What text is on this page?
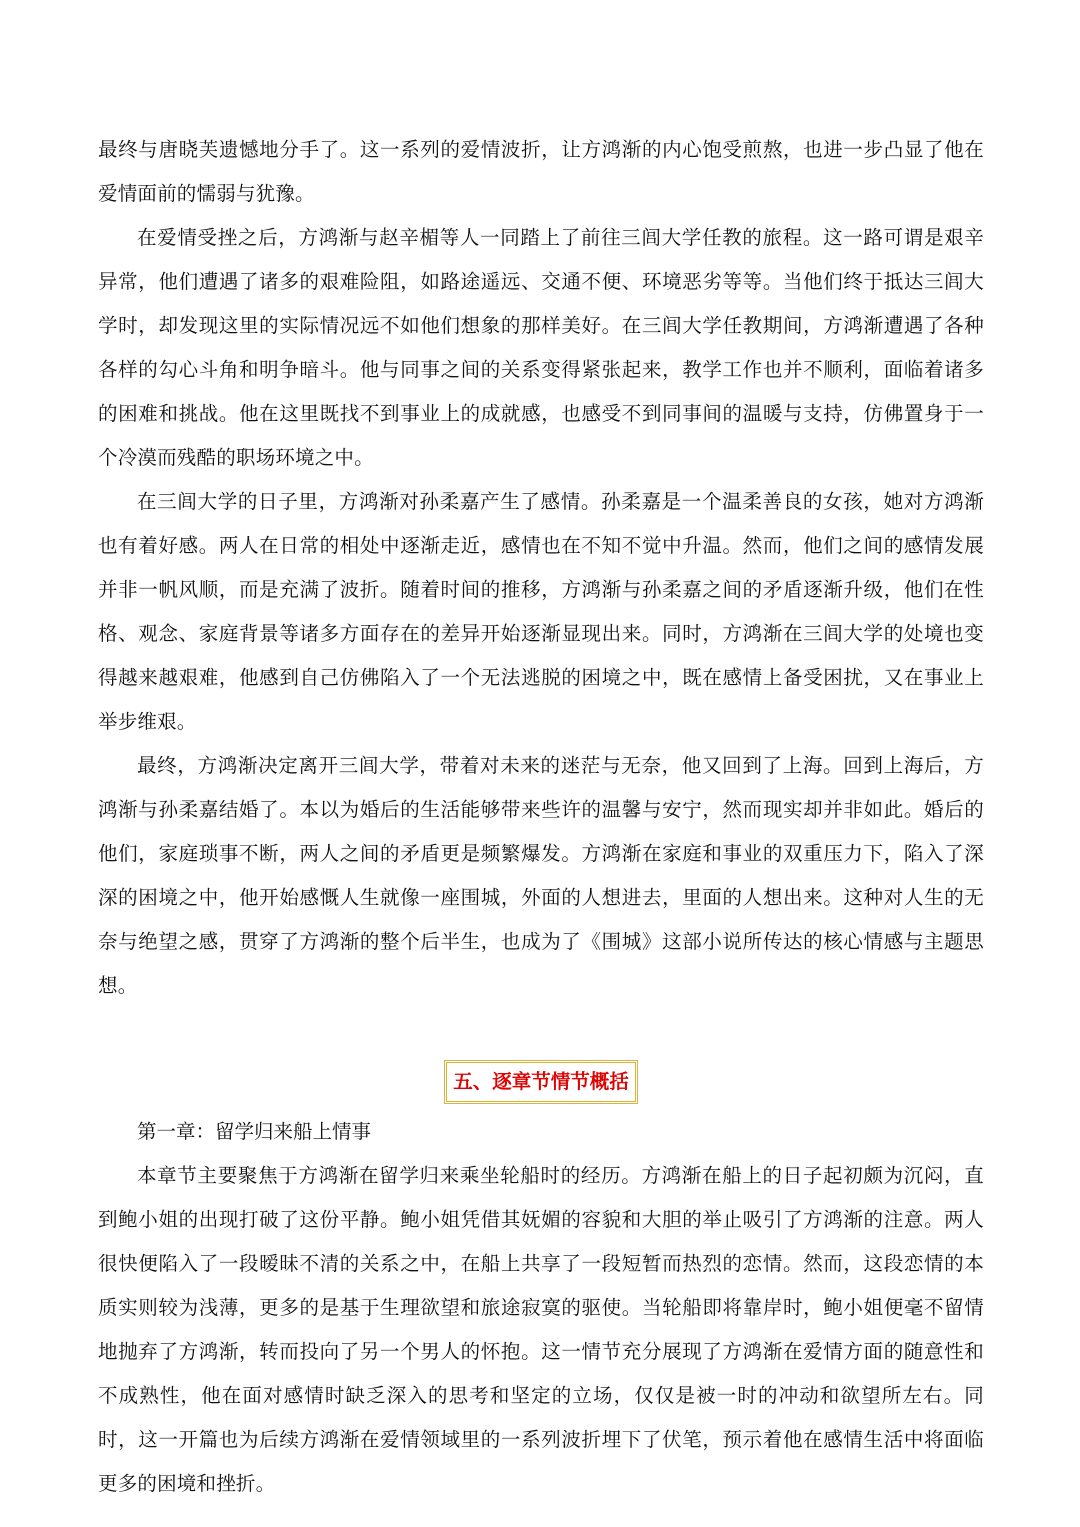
最终与唐晓芙遗憾地分手了。这一系列的爱情波折，让方鸿渐的内心饱受煎熬，也进一步凸显了他在爱情面前的懦弱与犹豫。

在爱情受挫之后，方鸿渐与赵辛楣等人一同踏上了前往三闾大学任教的旅程。这一路可谓是艰辛异常，他们遭遇了诸多的艰难险阻，如路途遥远、交通不便、环境恶劣等等。当他们终于抵达三闾大学时，却发现这里的实际情况远不如他们想象的那样美好。在三闾大学任教期间，方鸿渐遭遇了各种各样的勾心斗角和明争暗斗。他与同事之间的关系变得紧张起来，教学工作也并不顺利，面临着诸多的困难和挑战。他在这里既找不到事业上的成就感，也感受不到同事间的温暖与支持，仿佛置身于一个冷漠而残酷的职场环境之中。

在三闾大学的日子里，方鸿渐对孙柔嘉产生了感情。孙柔嘉是一个温柔善良的女孩，她对方鸿渐也有着好感。两人在日常的相处中逐渐走近，感情也在不知不觉中升温。然而，他们之间的感情发展并非一帆风顺，而是充满了波折。随着时间的推移，方鸿渐与孙柔嘉之间的矛盾逐渐升级，他们在性格、观念、家庭背景等诸多方面存在的差异开始逐渐显现出来。同时，方鸿渐在三闾大学的处境也变得越来越艰难，他感到自己仿佛陷入了一个无法逃脱的困境之中，既在感情上备受困扰，又在事业上举步维艰。

最终，方鸿渐决定离开三闾大学，带着对未来的迷茫与无奈，他又回到了上海。回到上海后，方鸿渐与孙柔嘉结婚了。本以为婚后的生活能够带来些许的温馨与安宁，然而现实却并非如此。婚后的他们，家庭琐事不断，两人之间的矛盾更是频繁爆发。方鸿渐在家庭和事业的双重压力下，陷入了深深的困境之中，他开始感慨人生就像一座围城，外面的人想进去，里面的人想出来。这种对人生的无奈与绝望之感，贯穿了方鸿渐的整个后半生，也成为了《围城》这部小说所传达的核心情感与主题思想。

五、逐章节情节概括

第一章：留学归来船上情事

本章节主要聚焦于方鸿渐在留学归来乘坐轮船时的经历。方鸿渐在船上的日子起初颇为沉闷，直到鲍小姐的出现打破了这份平静。鲍小姐凭借其妩媚的容貌和大胆的举止吸引了方鸿渐的注意。两人很快便陷入了一段暧昧不清的关系之中，在船上共享了一段短暂而热烈的恋情。然而，这段恋情的本质实则较为浅薄，更多的是基于生理欲望和旅途寂寞的驱使。当轮船即将靠岸时，鲍小姐便毫不留情地抛弃了方鸿渐，转而投向了另一个男人的怀抱。这一情节充分展现了方鸿渐在爱情方面的随意性和不成熟性，他在面对感情时缺乏深入的思考和坚定的立场，仅仅是被一时的冲动和欲望所左右。同时，这一开篇也为后续方鸿渐在爱情领域里的一系列波折埋下了伏笔，预示着他在感情生活中将面临更多的困境和挫折。
